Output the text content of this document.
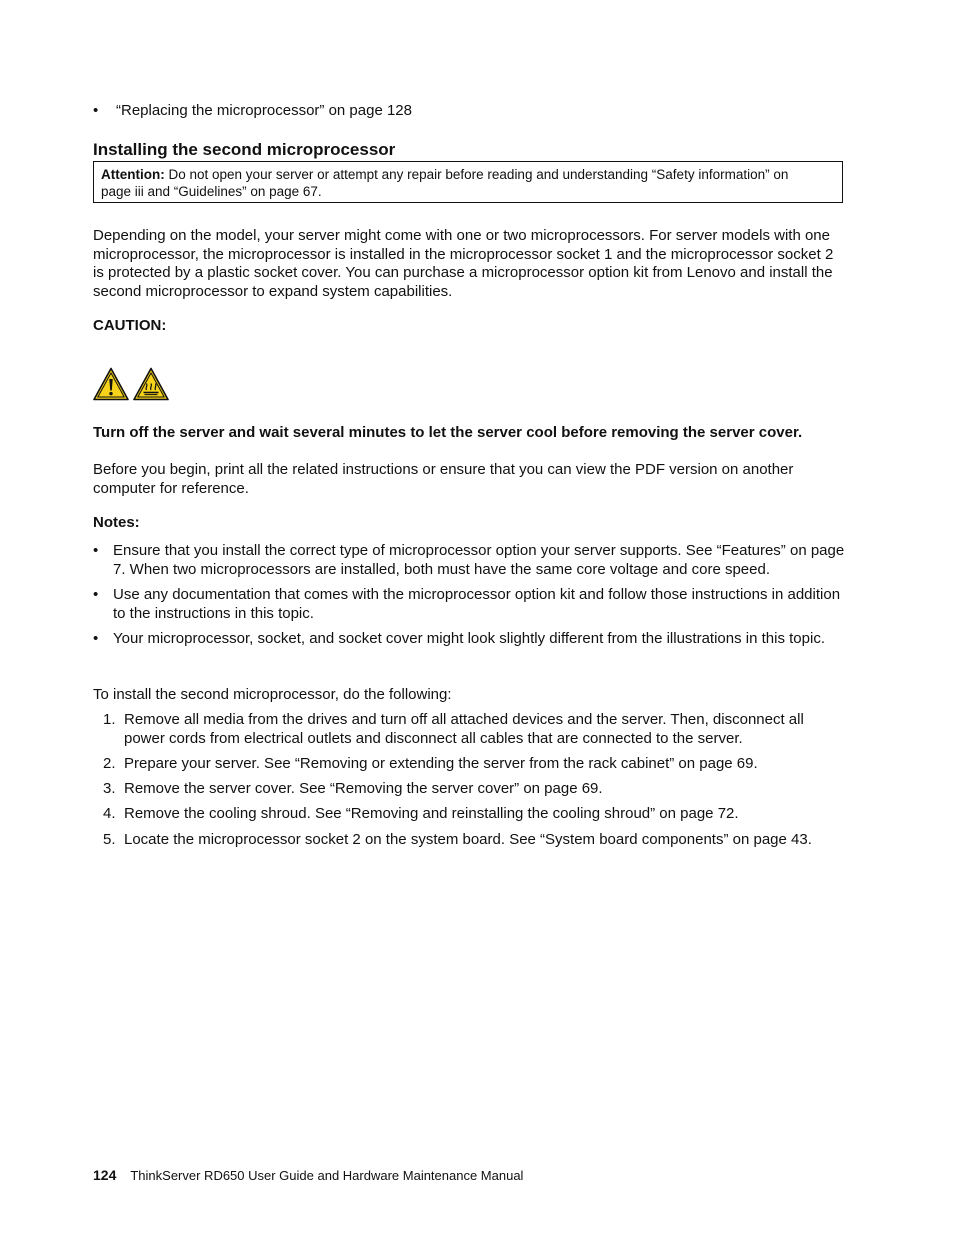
• “Replacing the microprocessor” on page 128
Installing the second microprocessor
Attention: Do not open your server or attempt any repair before reading and understanding “Safety information” on page iii and “Guidelines” on page 67.

Depending on the model, your server might come with one or two microprocessors. For server models with one microprocessor, the microprocessor is installed in the microprocessor socket 1 and the microprocessor socket 2 is protected by a plastic socket cover. You can purchase a microprocessor option kit from Lenovo and install the second microprocessor to expand system capabilities.

CAUTION:

Turn off the server and wait several minutes to let the server cool before removing the server cover.

Before you begin, print all the related instructions or ensure that you can view the PDF version on another computer for reference.

Notes:

• Ensure that you install the correct type of microprocessor option your server supports. See “Features” on page 7. When two microprocessors are installed, both must have the same core voltage and core speed.
• Use any documentation that comes with the microprocessor option kit and follow those instructions in addition to the instructions in this topic.
• Your microprocessor, socket, and socket cover might look slightly different from the illustrations in this topic.

To install the second microprocessor, do the following:

1. Remove all media from the drives and turn off all attached devices and the server. Then, disconnect all power cords from electrical outlets and disconnect all cables that are connected to the server.
2. Prepare your server. See “Removing or extending the server from the rack cabinet” on page 69.
3. Remove the server cover. See “Removing the server cover” on page 69.
4. Remove the cooling shroud. See “Removing and reinstalling the cooling shroud” on page 72.
5. Locate the microprocessor socket 2 on the system board. See “System board components” on page 43.
124 ThinkServer RD650 User Guide and Hardware Maintenance Manual
